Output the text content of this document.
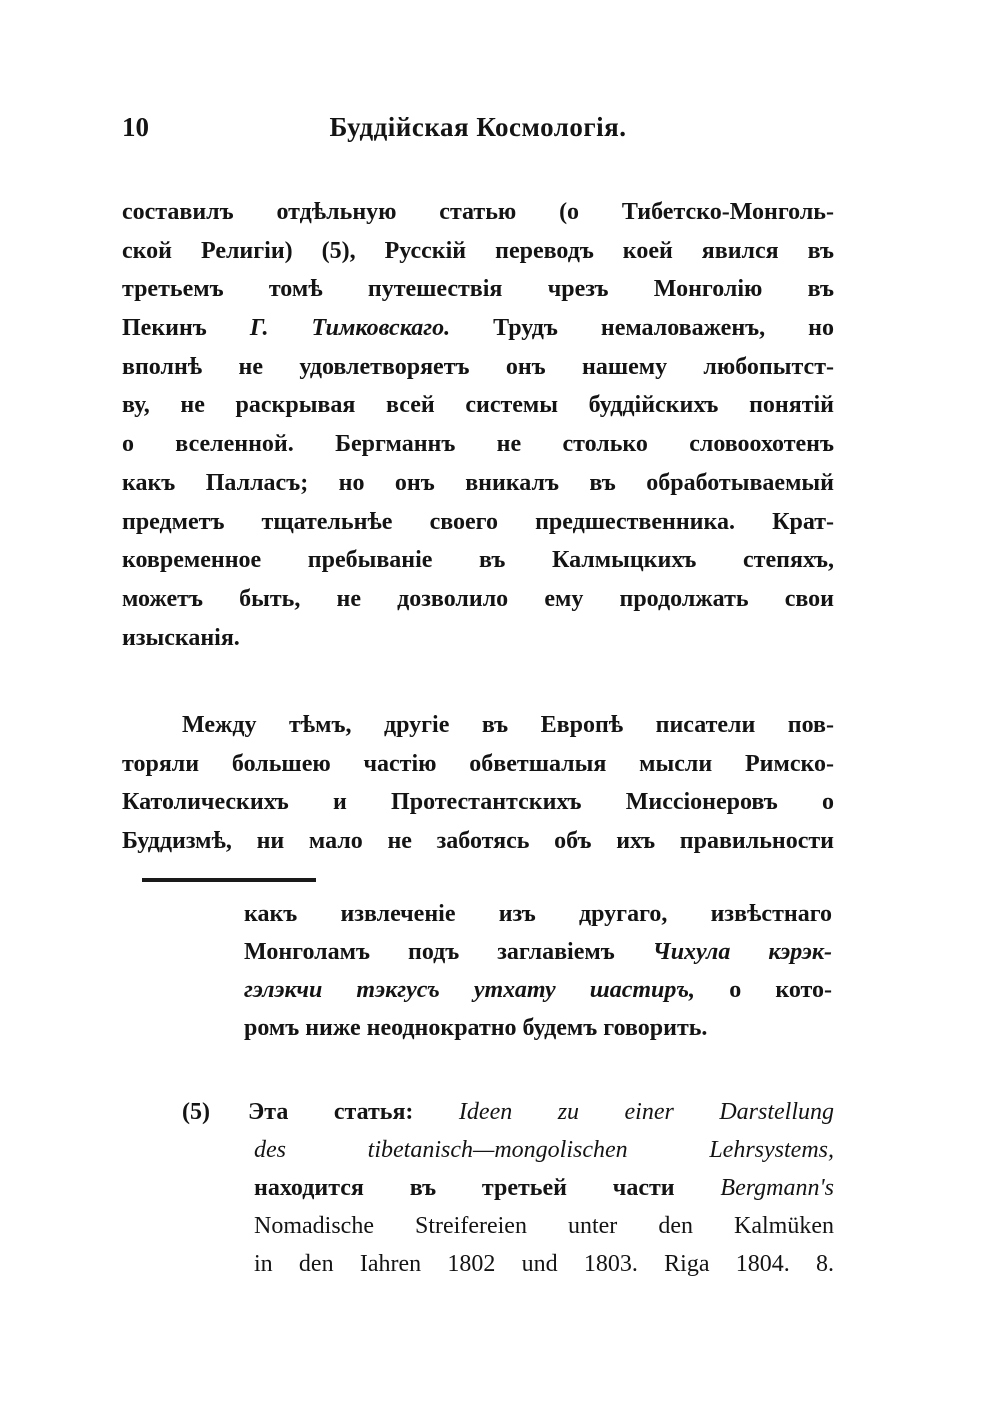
10	Буддійская Космологія.
составилъ отдѣльную статью (о Тибетско-Монголь-
ской Религіи) (5), Русскій переводъ коей явился въ
третьемъ томѣ путешествія чрезъ Монголію въ
Пекинъ Г. Тимковскаго. Трудъ немаловаженъ, но
вполнѣ не удовлетворяетъ онъ нашему любопытст-
ву, не раскрывая всей системы буддійскихъ понятій
о вселенной. Бергманнъ не столько словоохотенъ
какъ Палласъ; но онъ вникалъ въ обработываемый
предметъ тщательнѣе своего предшественника. Крат-
ковременное пребываніе въ Калмыцкихъ степяхъ,
можетъ быть, не дозволило ему продолжать свои
изысканія.
Между тѣмъ, другіе въ Европѣ писатели пов-
торяли большею частію обветшалыя мысли Римско-
Католическихъ и Протестантскихъ Миссіонеровъ о
Буддизмѣ, ни мало не заботясь объ ихъ правильности
какъ извлеченіе изъ другаго, извѣстнаго
Монголамъ подъ заглавіемъ Чихула кэрэк-
гэлэкчи тэкгусъ утхату шастиръ, о кото-
ромъ ниже неоднократно будемъ говорить.
(5) Эта статья: Ideen zu einer Darstellung
des tibetanisch—mongolischen Lehrsystems,
находится въ третьей части Bergmann's
Nomadische Streifereien unter den Kalmüken
in den Iahren 1802 und 1803. Riga 1804. 8.
